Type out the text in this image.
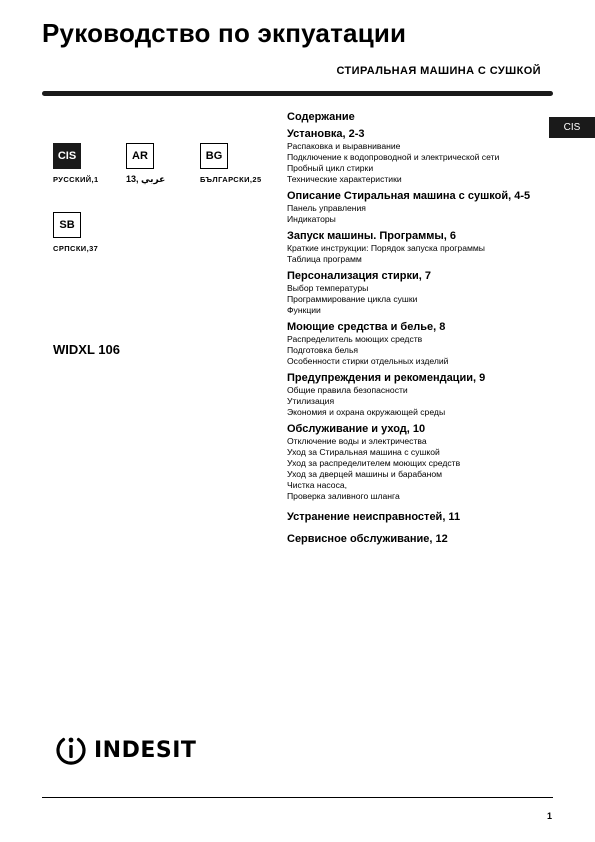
Руководство по экпуатации
СТИРАЛЬНАЯ МАШИНА С СУШКОЙ
CIS
CIS
РУССКИЙ,1
AR
عربي ,13
BG
БЪЛГАРСКИ,25
SB
СРПСКИ,37
WIDXL 106
Содержание
Установка, 2-3
Распаковка и выравнивание
Подключение к водопроводной и электрической сети
Пробный цикл стирки
Технические характеристики
Описание Стиральная машина с сушкой, 4-5
Панель управления
Индикаторы
Запуск машины. Программы, 6
Краткие инструкции: Порядок запуска программы
Таблица программ
Персонализация стирки, 7
Выбор температуры
Программирование цикла сушки
Функции
Моющие средства и белье, 8
Распределитель моющих средств
Подготовка белья
Особенности стирки отдельных изделий
Предупреждения и рекомендации, 9
Общие правила безопасности
Утилизация
Экономия и охрана окружающей среды
Обслуживание и уход, 10
Отключение воды и электричества
Уход за Стиральная машина с сушкой
Уход за распределителем моющих средств
Уход за дверцей машины и барабаном
Чистка насоса,
Проверка заливного шланга
Устранение неисправностей, 11
Сервисное обслуживание, 12
INDESIT
1
